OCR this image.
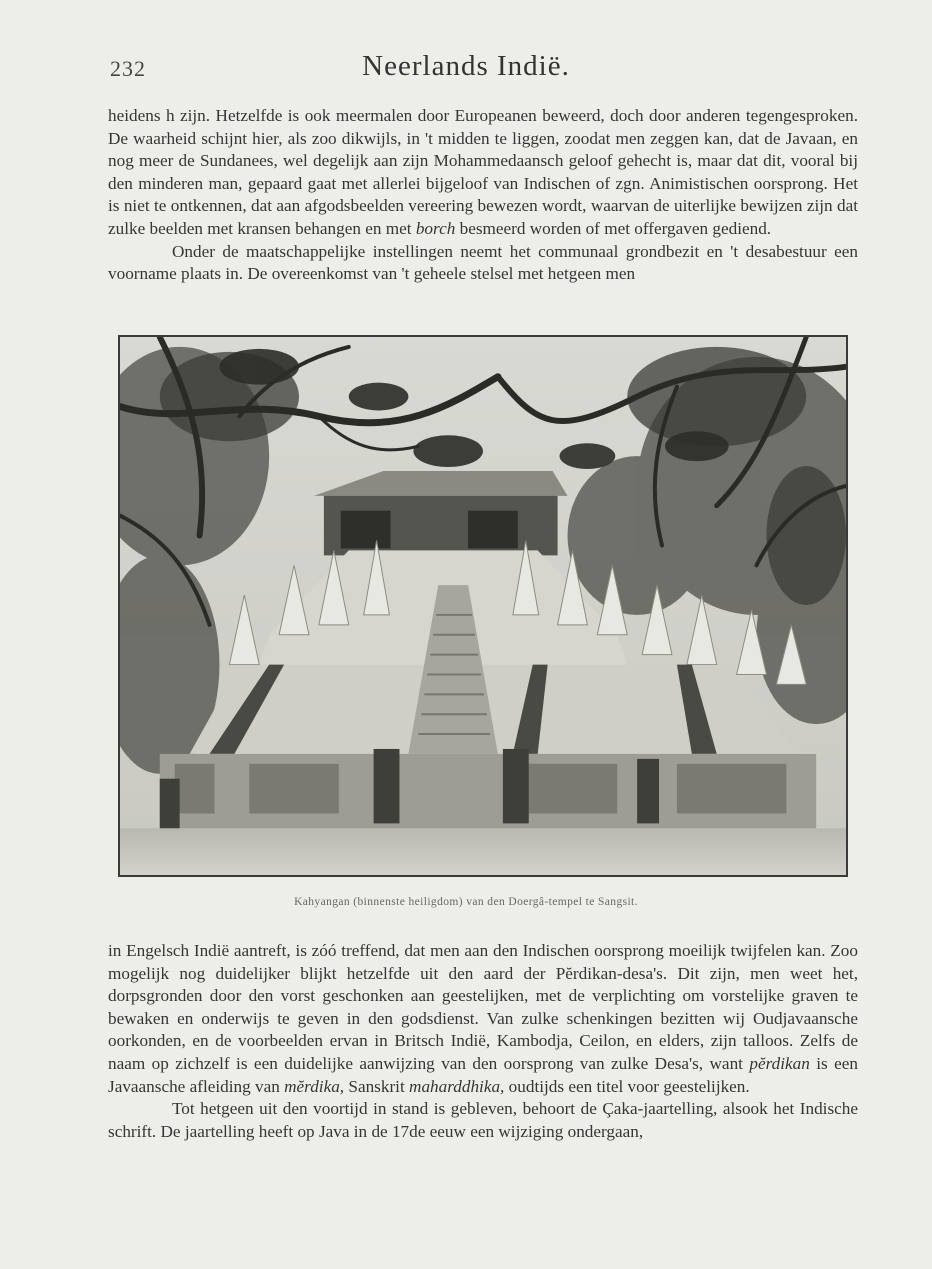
232	Neerlands Indië.

heidens h zijn. Hetzelfde is ook meermalen door Europeanen beweerd, doch door anderen tegengesproken. De waarheid schijnt hier, als zoo dikwijls, in 't midden te liggen, zoodat men zeggen kan, dat de Javaan, en nog meer de Sundanees, wel degelijk aan zijn Mohammedaansch geloof gehecht is, maar dat dit, vooral bij den minderen man, gepaard gaat met allerlei bijgeloof van Indischen of zgn. Animistischen oorsprong. Het is niet te ontkennen, dat aan afgodsbeelden vereering bewezen wordt, waarvan de uiterlijke bewijzen zijn dat zulke beelden met kransen behangen en met borch besmeerd worden of met offergaven gediend.

Onder de maatschappelijke instellingen neemt het communaal grondbezit en 't desabestuur een voorname plaats in. De overeenkomst van 't geheele stelsel met hetgeen men

Kahyangan (binnenste heiligdom) van den Doergâ-tempel te Sangsit.

in Engelsch Indië aantreft, is zóó treffend, dat men aan den Indischen oorsprong moeilijk twijfelen kan. Zoo mogelijk nog duidelijker blijkt hetzelfde uit den aard der Pĕrdikan-desa's. Dit zijn, men weet het, dorpsgronden door den vorst geschonken aan geestelijken, met de verplichting om vorstelijke graven te bewaken en onderwijs te geven in den godsdienst. Van zulke schenkingen bezitten wij Oudjavaansche oorkonden, en de voorbeelden ervan in Britsch Indië, Kambodja, Ceilon, en elders, zijn talloos. Zelfs de naam op zichzelf is een duidelijke aanwijzing van den oorsprong van zulke Desa's, want pĕrdikan is een Javaansche afleiding van mĕrdika, Sanskrit maharddhika, oudtijds een titel voor geestelijken.

Tot hetgeen uit den voortijd in stand is gebleven, behoort de Çaka-jaartelling, alsook het Indische schrift. De jaartelling heeft op Java in de 17de eeuw een wijziging ondergaan,
